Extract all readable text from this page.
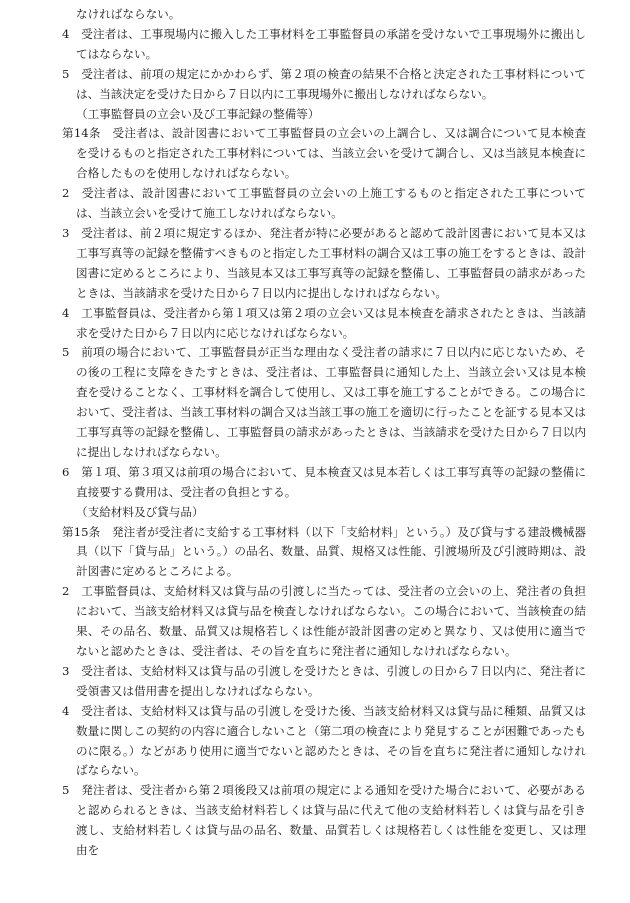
なければならない。

4　受注者は、工事現場内に搬入した工事材料を工事監督員の承諾を受けないで工事現場外に搬出してはならない。

5　受注者は、前項の規定にかかわらず、第２項の検査の結果不合格と決定された工事材料については、当該決定を受けた日から７日以内に工事現場外に搬出しなければならない。

（工事監督員の立会い及び工事記録の整備等）

第14条　受注者は、設計図書において工事監督員の立会いの上調合し、又は調合について見本検査を受けるものと指定された工事材料については、当該立会いを受けて調合し、又は当該見本検査に合格したものを使用しなければならない。

2　受注者は、設計図書において工事監督員の立会いの上施工するものと指定された工事については、当該立会いを受けて施工しなければならない。

3　受注者は、前２項に規定するほか、発注者が特に必要があると認めて設計図書において見本又は工事写真等の記録を整備すべきものと指定した工事材料の調合又は工事の施工をするときは、設計図書に定めるところにより、当該見本又は工事写真等の記録を整備し、工事監督員の請求があったときは、当該請求を受けた日から７日以内に提出しなければならない。

4　工事監督員は、受注者から第１項又は第２項の立会い又は見本検査を請求されたときは、当該請求を受けた日から７日以内に応じなければならない。

5　前項の場合において、工事監督員が正当な理由なく受注者の請求に７日以内に応じないため、その後の工程に支障をきたすときは、受注者は、工事監督員に通知した上、当該立会い又は見本検査を受けることなく、工事材料を調合して使用し、又は工事を施工することができる。この場合において、受注者は、当該工事材料の調合又は当該工事の施工を適切に行ったことを証する見本又は工事写真等の記録を整備し、工事監督員の請求があったときは、当該請求を受けた日から７日以内に提出しなければならない。

6　第１項、第３項又は前項の場合において、見本検査又は見本若しくは工事写真等の記録の整備に直接要する費用は、受注者の負担とする。

（支給材料及び貸与品）

第15条　発注者が受注者に支給する工事材料（以下「支給材料」という。）及び貸与する建設機械器具（以下「貸与品」という。）の品名、数量、品質、規格又は性能、引渡場所及び引渡時期は、設計図書に定めるところによる。

2　工事監督員は、支給材料又は貸与品の引渡しに当たっては、受注者の立会いの上、発注者の負担において、当該支給材料又は貸与品を検査しなければならない。この場合において、当該検査の結果、その品名、数量、品質又は規格若しくは性能が設計図書の定めと異なり、又は使用に適当でないと認めたときは、受注者は、その旨を直ちに発注者に通知しなければならない。

3　受注者は、支給材料又は貸与品の引渡しを受けたときは、引渡しの日から７日以内に、発注者に受領書又は借用書を提出しなければならない。

4　受注者は、支給材料又は貸与品の引渡しを受けた後、当該支給材料又は貸与品に種類、品質又は数量に関しこの契約の内容に適合しないこと（第二項の検査により発見することが困難であったものに限る。）などがあり使用に適当でないと認めたときは、その旨を直ちに発注者に通知しなければならない。

5　発注者は、受注者から第２項後段又は前項の規定による通知を受けた場合において、必要があると認められるときは、当該支給材料若しくは貸与品に代えて他の支給材料若しくは貸与品を引き渡し、支給材料若しくは貸与品の品名、数量、品質若しくは規格若しくは性能を変更し、又は理由を
